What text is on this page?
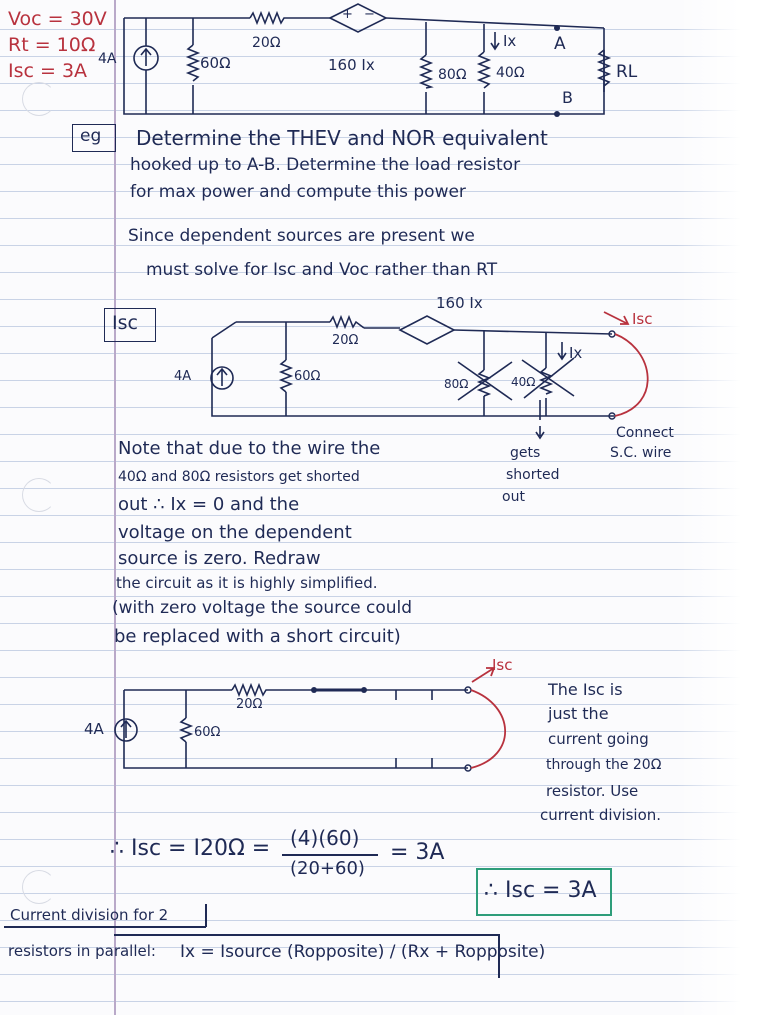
Voc = 30V
Rt = 10Ω
Isc = 3A
4A	60Ω
20Ω
+ −
160 Ix
80Ω 40Ω
Ix A
B
RL
eg Determine the THEV and NOR equivalent
hooked up to A-B. Determine the load resistor
for max power and compute this power
Since dependent sources are present we
must solve for Isc and Voc rather than RT
Isc
4A	60Ω
20Ω
160 Ix
80Ω	40Ω
Ix
Isc
Connect
S.C. wire
gets
shorted
out
Note that due to the wire the
40Ω and 80Ω resistors get shorted
out ∴ Ix = 0 and the
voltage on the dependent
source is zero. Redraw
the circuit as it is highly simplified.
(with zero voltage the source could
be replaced with a short circuit)
4A	60Ω
20Ω
Isc
The Isc is
just the
current going
through the 20Ω
resistor. Use
current division.
∴ Isc = I20Ω = (4)(60)
(20+60)
= 3A
∴ Isc = 3A
Current division for 2
resistors in parallel: Ix = Isource (Ropposite) / (Rx + Ropposite)
